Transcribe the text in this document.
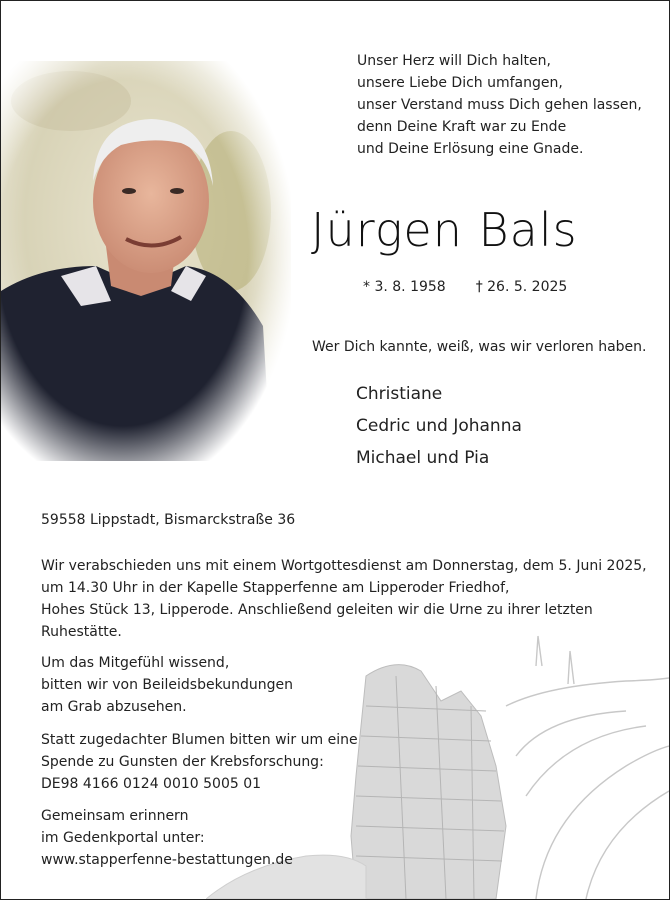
Unser Herz will Dich halten,
unsere Liebe Dich umfangen,
unser Verstand muss Dich gehen lassen,
denn Deine Kraft war zu Ende
und Deine Erlösung eine Gnade.
Jürgen Bals
* 3. 8. 1958 † 26. 5. 2025
Wer Dich kannte, weiß, was wir verloren haben.
Christiane
Cedric und Johanna
Michael und Pia
59558 Lippstadt, Bismarckstraße 36
Wir verabschieden uns mit einem Wortgottesdienst am Donnerstag, dem 5. Juni 2025,
um 14.30 Uhr in der Kapelle Stapperfenne am Lipperoder Friedhof,
Hohes Stück 13, Lipperode. Anschließend geleiten wir die Urne zu ihrer letzten
Ruhestätte.
Um das Mitgefühl wissend,
bitten wir von Beileidsbekundungen
am Grab abzusehen.
Statt zugedachter Blumen bitten wir um eine
Spende zu Gunsten der Krebsforschung:
DE98 4166 0124 0010 5005 01
Gemeinsam erinnern
im Gedenkportal unter:
www.stapperfenne-bestattungen.de
